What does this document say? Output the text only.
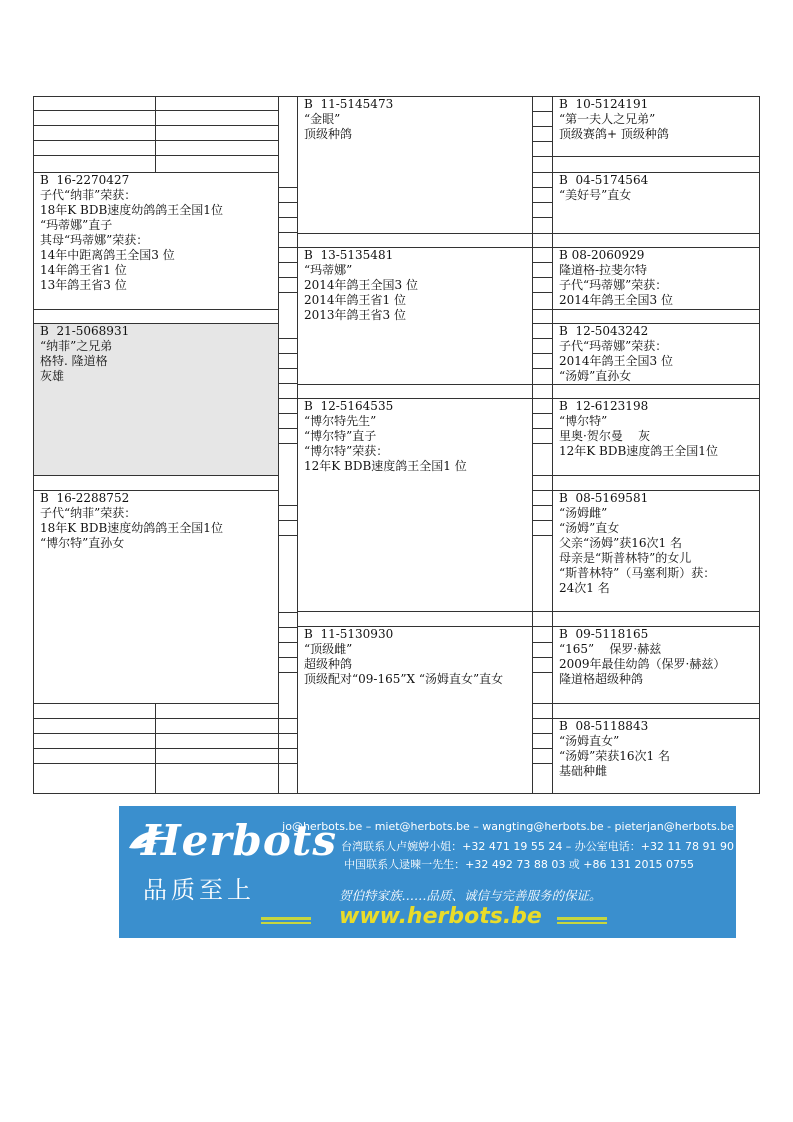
B  16-2270427
子代“纳菲”荣获：
18年K BDB速度幼鸽鸽王全国1位
“玛蒂娜”直子
其母“玛蒂娜”荣获：
14年中距离鸽王全国3 位
14年鸽王省1 位
13年鸽王省3 位
B  21-5068931
“纳菲”之兄弟
格特. 隆道格
灰雄
B  16-2288752
子代“纳菲”荣获：
18年K BDB速度幼鸽鸽王全国1位
“博尔特”直孙女
B  11-5145473
“金眼”
顶级种鸽
B  13-5135481
“玛蒂娜”
2014年鸽王全国3 位
2014年鸽王省1 位
2013年鸽王省3 位
B  12-5164535
“博尔特先生”
“博尔特”直子
“博尔特”荣获：
12年K BDB速度鸽王全国1 位
B  11-5130930
“顶级雌”
超级种鸽
顶级配对“09-165”X “汤姆直女”直女
B  10-5124191
“第一夫人之兄弟”
顶级赛鸽+ 顶级种鸽
B  04-5174564
“美好号”直女
B 08-2060929
隆道格-拉斐尔特
子代“玛蒂娜”荣获：
2014年鸽王全国3 位
B  12-5043242
子代“玛蒂娜”荣获：
2014年鸽王全国3 位
“汤姆”直孙女
B  12-6123198
“博尔特”
里奥·贺尔曼    灰
12年K BDB速度鸽王全国1位
B  08-5169581
“汤姆雌”
“汤姆”直女
父亲“汤姆”获16次1 名
母亲是“斯普林特”的女儿
“斯普林特”（马塞利斯）获：
24次1 名
B  09-5118165
“165”    保罗·赫兹
2009年最佳幼鸽（保罗·赫兹）
隆道格超级种鸽
B  08-5118843
“汤姆直女”
“汤姆”荣获16次1 名
基础种雌
Herbots
品质至上
jo@herbots.be – miet@herbots.be – wangting@herbots.be - pieterjan@herbots.be
台湾联系人卢婉婷小姐：+32 471 19 55 24 – 办公室电话：+32 11 78 91 90
中国联系人逯暕一先生：+32 492 73 88 03 或 +86 131 2015 0755
贺伯特家族……品质、诚信与完善服务的保证。
www.herbots.be
